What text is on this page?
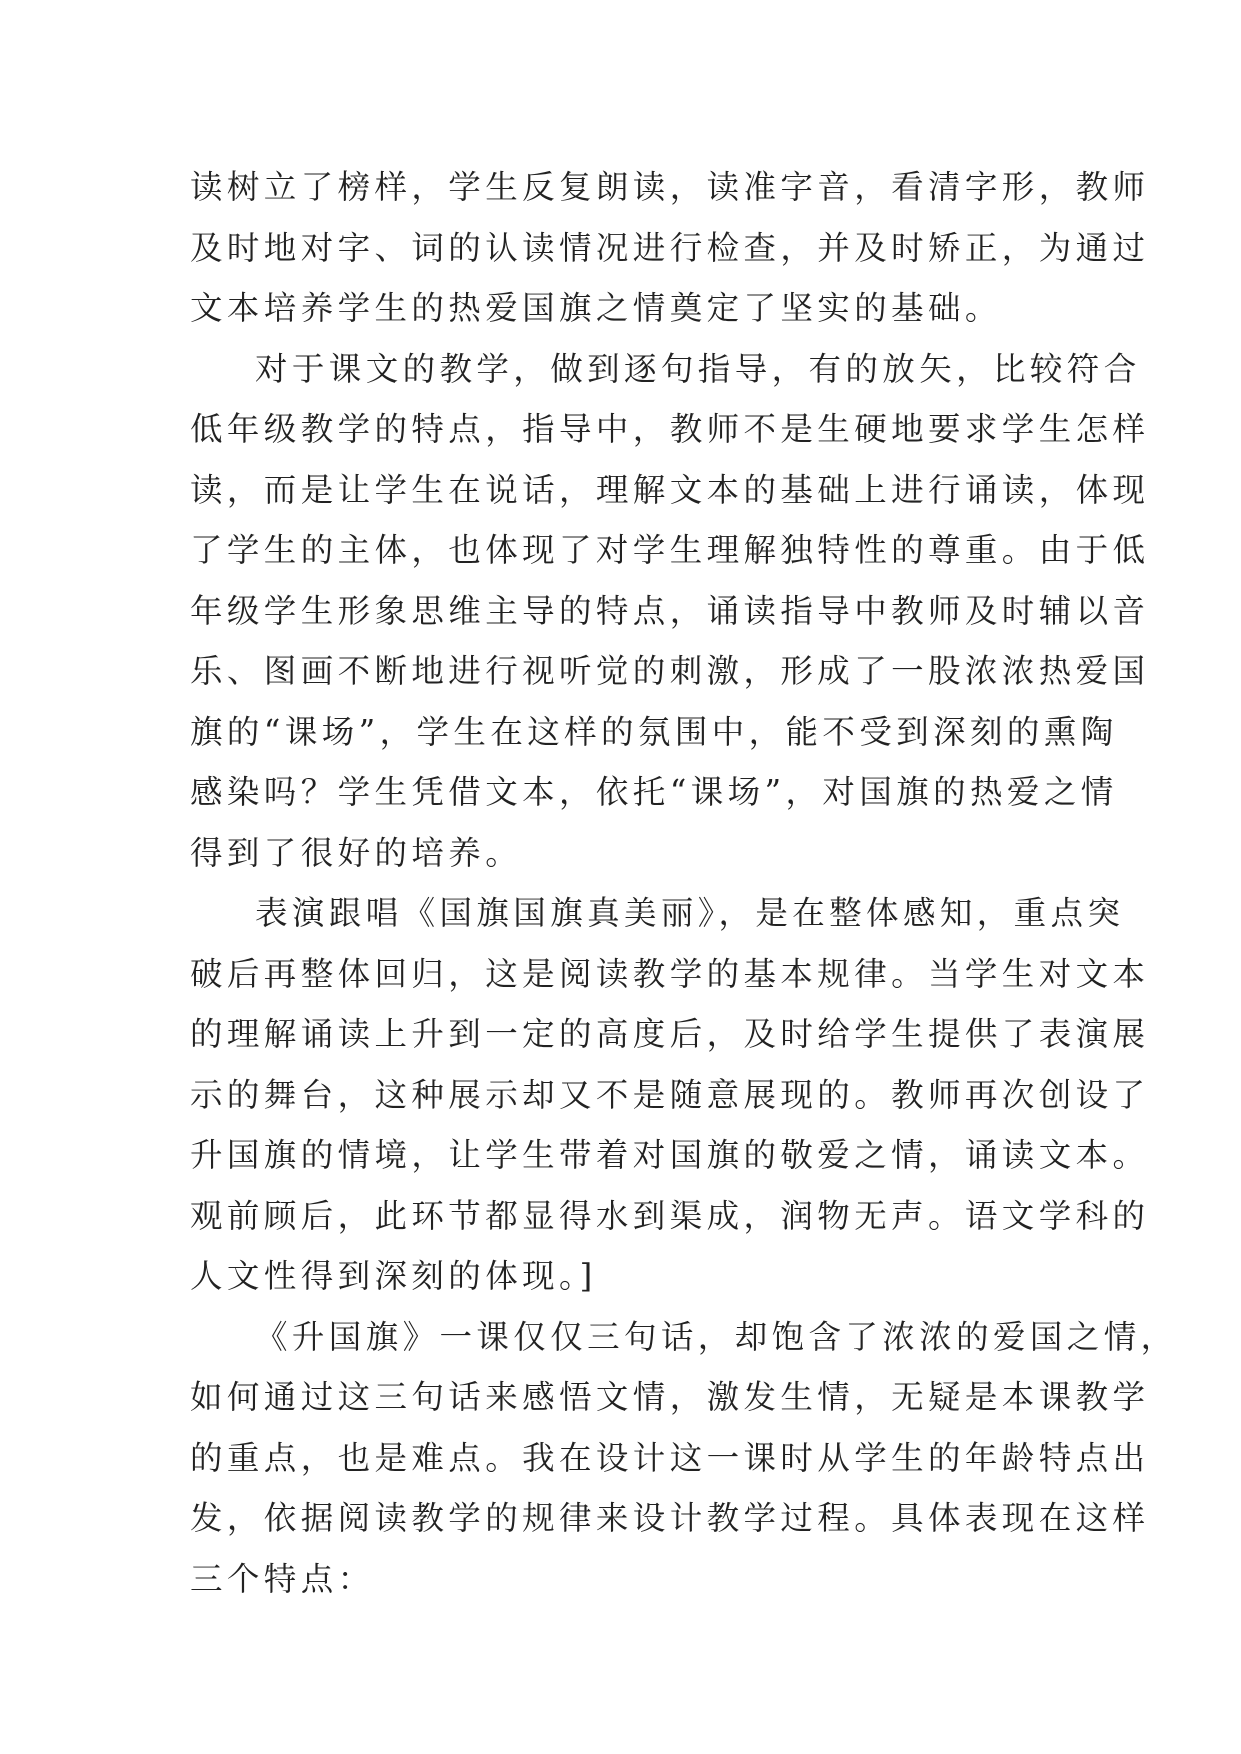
读树立了榜样，学生反复朗读，读准字音，看清字形，教师
及时地对字、词的认读情况进行检查，并及时矫正，为通过
文本培养学生的热爱国旗之情奠定了坚实的基础。
对于课文的教学，做到逐句指导，有的放矢，比较符合
低年级教学的特点，指导中，教师不是生硬地要求学生怎样
读，而是让学生在说话，理解文本的基础上进行诵读，体现
了学生的主体，也体现了对学生理解独特性的尊重。由于低
年级学生形象思维主导的特点，诵读指导中教师及时辅以音
乐、图画不断地进行视听觉的刺激，形成了一股浓浓热爱国
旗的“课场”，学生在这样的氛围中，能不受到深刻的熏陶
感染吗？学生凭借文本，依托“课场”，对国旗的热爱之情
得到了很好的培养。
表演跟唱《国旗国旗真美丽》，是在整体感知，重点突
破后再整体回归，这是阅读教学的基本规律。当学生对文本
的理解诵读上升到一定的高度后，及时给学生提供了表演展
示的舞台，这种展示却又不是随意展现的。教师再次创设了
升国旗的情境，让学生带着对国旗的敬爱之情，诵读文本。
观前顾后，此环节都显得水到渠成，润物无声。语文学科的
人文性得到深刻的体现。]
《升国旗》一课仅仅三句话，却饱含了浓浓的爱国之情，
如何通过这三句话来感悟文情，激发生情，无疑是本课教学
的重点，也是难点。我在设计这一课时从学生的年龄特点出
发，依据阅读教学的规律来设计教学过程。具体表现在这样
三个特点：
